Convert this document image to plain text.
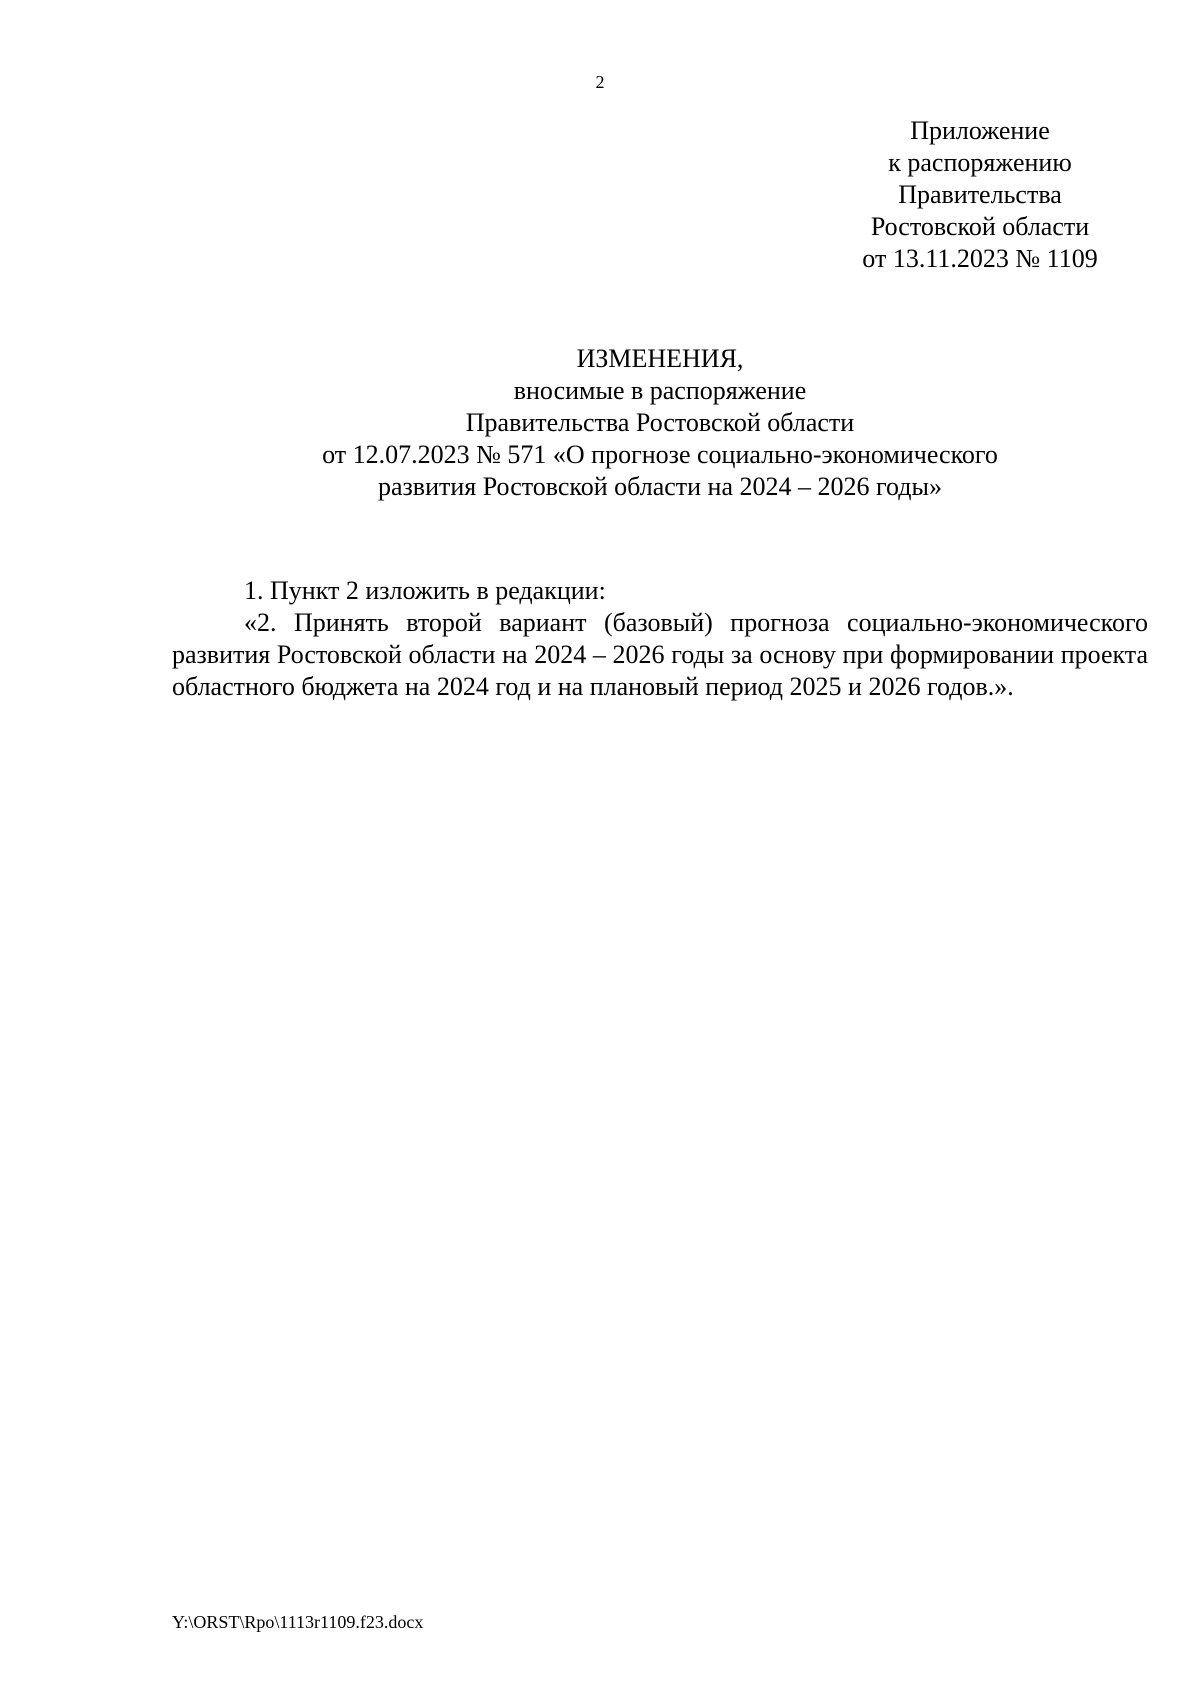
2
Приложение
к распоряжению
Правительства
Ростовской области
от 13.11.2023 № 1109
ИЗМЕНЕНИЯ,
вносимые в распоряжение
Правительства Ростовской области
от 12.07.2023 № 571 «О прогнозе социально-экономического
развития Ростовской области на 2024 – 2026 годы»

1. Пункт 2 изложить в редакции:

«2. Принять второй вариант (базовый) прогноза социально-экономического развития Ростовской области на 2024 – 2026 годы за основу при формировании проекта областного бюджета на 2024 год и на плановый период 2025 и 2026 годов.».

Y:\ORST\Rpo\1113r1109.f23.docx
